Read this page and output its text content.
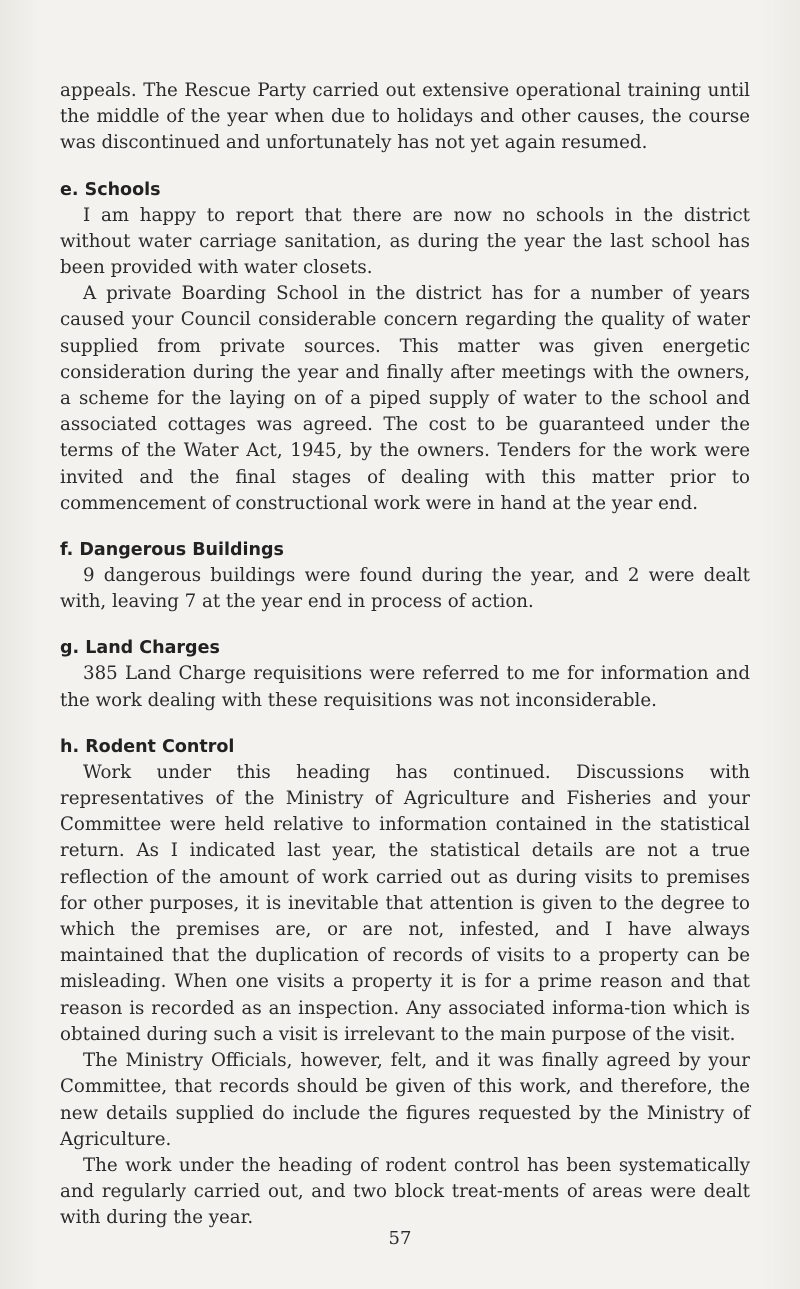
appeals. The Rescue Party carried out extensive operational training until the middle of the year when due to holidays and other causes, the course was discontinued and unfortunately has not yet again resumed.

e. Schools

I am happy to report that there are now no schools in the district without water carriage sanitation, as during the year the last school has been provided with water closets.

A private Boarding School in the district has for a number of years caused your Council considerable concern regarding the quality of water supplied from private sources. This matter was given energetic consideration during the year and finally after meetings with the owners, a scheme for the laying on of a piped supply of water to the school and associated cottages was agreed. The cost to be guaranteed under the terms of the Water Act, 1945, by the owners. Tenders for the work were invited and the final stages of dealing with this matter prior to commencement of constructional work were in hand at the year end.

f. Dangerous Buildings

9 dangerous buildings were found during the year, and 2 were dealt with, leaving 7 at the year end in process of action.

g. Land Charges

385 Land Charge requisitions were referred to me for information and the work dealing with these requisitions was not inconsiderable.

h. Rodent Control

Work under this heading has continued. Discussions with representatives of the Ministry of Agriculture and Fisheries and your Committee were held relative to information contained in the statistical return. As I indicated last year, the statistical details are not a true reflection of the amount of work carried out as during visits to premises for other purposes, it is inevitable that attention is given to the degree to which the premises are, or are not, infested, and I have always maintained that the duplication of records of visits to a property can be misleading. When one visits a property it is for a prime reason and that reason is recorded as an inspection. Any associated informa-tion which is obtained during such a visit is irrelevant to the main purpose of the visit.

The Ministry Officials, however, felt, and it was finally agreed by your Committee, that records should be given of this work, and therefore, the new details supplied do include the figures requested by the Ministry of Agriculture.

The work under the heading of rodent control has been systematically and regularly carried out, and two block treat-ments of areas were dealt with during the year.

57
